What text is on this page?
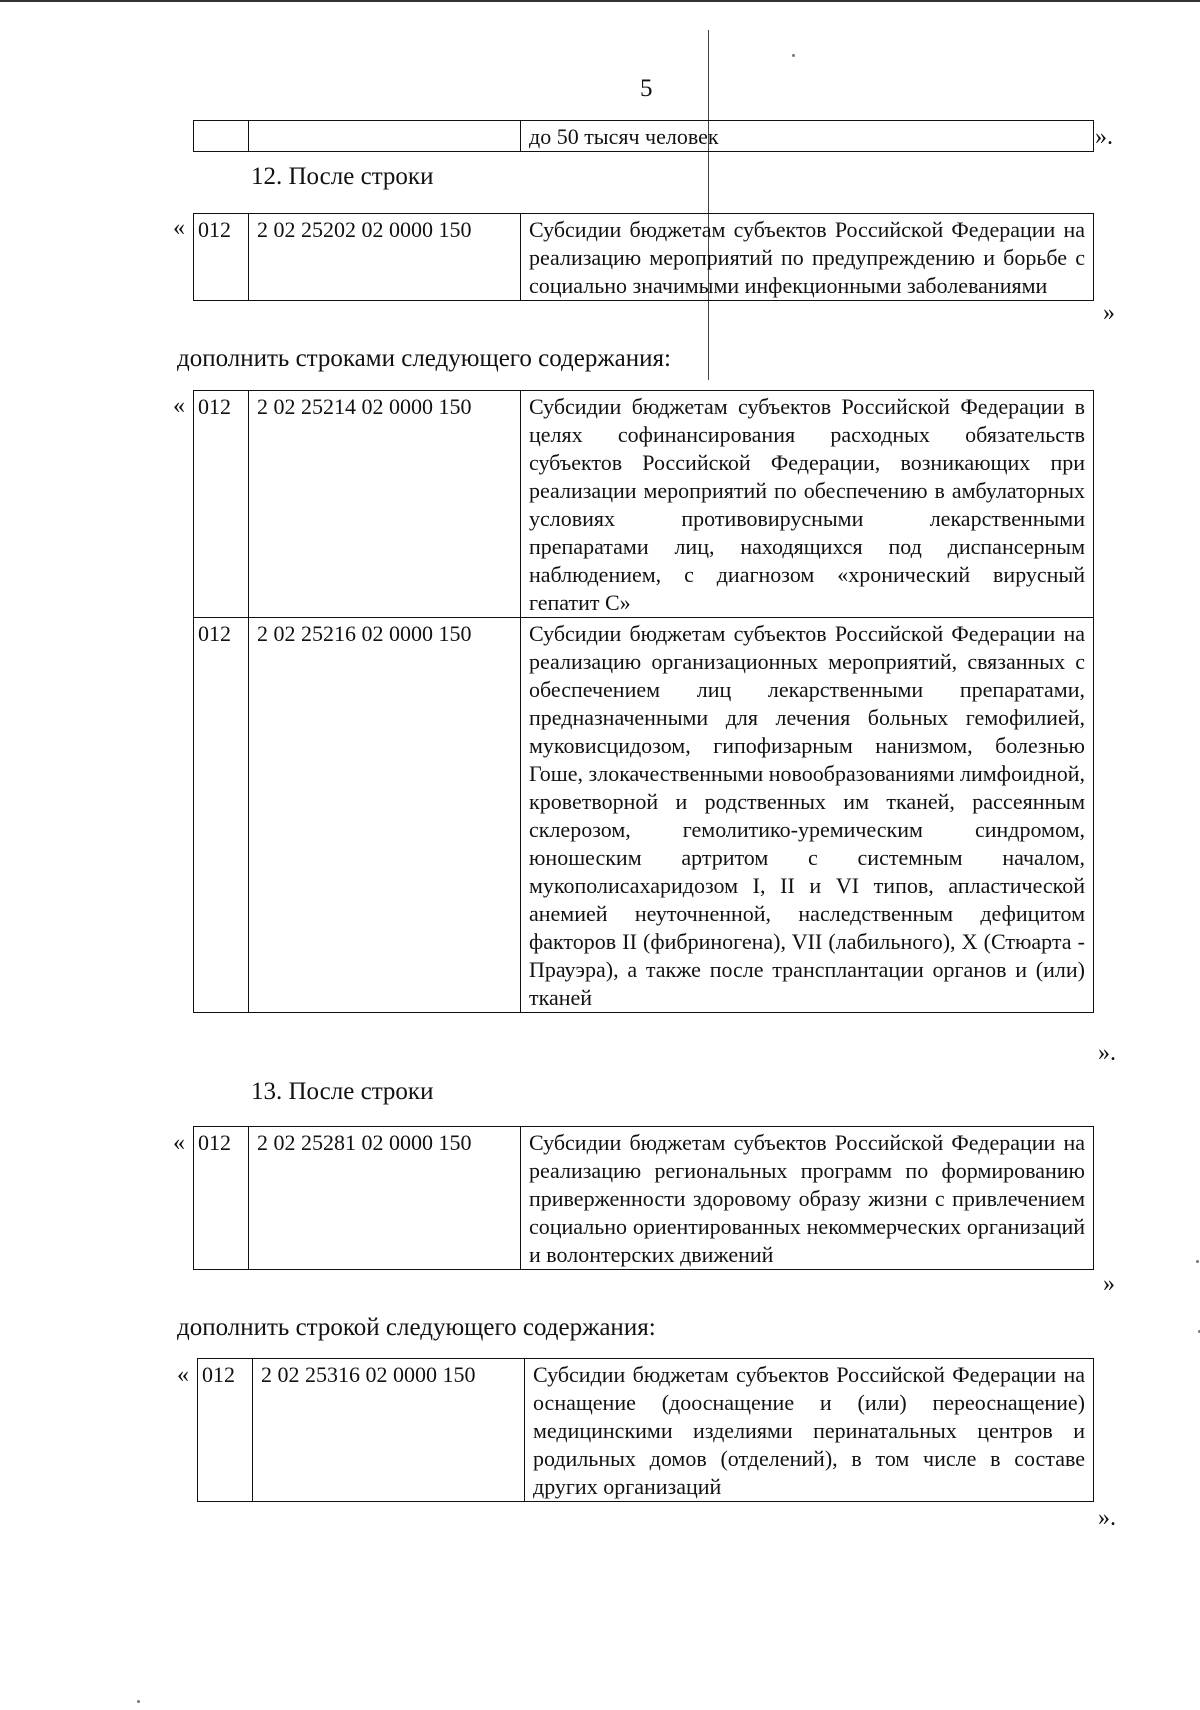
5
		до 50 тысяч человек	».
12. После строки
« 012	2 02 25202 02 0000 150	Субсидии бюджетам субъектов Российской Федерации на реализацию мероприятий по предупреждению и борьбе с социально значимыми инфекционными заболеваниями
»
дополнить строками следующего содержания:
« 012	2 02 25214 02 0000 150	Субсидии бюджетам субъектов Российской Федерации в целях софинансирования расходных обязательств субъектов Российской Федерации, возникающих при реализации мероприятий по обеспечению в амбулаторных условиях противовирусными лекарственными препаратами лиц, находящихся под диспансерным наблюдением, с диагнозом «хронический вирусный гепатит С»
012	2 02 25216 02 0000 150	Субсидии бюджетам субъектов Российской Федерации на реализацию организационных мероприятий, связанных с обеспечением лиц лекарственными препаратами, предназначенными для лечения больных гемофилией, муковисцидозом, гипофизарным нанизмом, болезнью Гоше, злокачественными новообразованиями лимфоидной, кроветворной и родственных им тканей, рассеянным склерозом, гемолитико-уремическим синдромом, юношеским артритом с системным началом, мукополисахаридозом I, II и VI типов, апластической анемией неуточненной, наследственным дефицитом факторов II (фибриногена), VII (лабильного), X (Стюарта - Прауэра), а также после трансплантации органов и (или) тканей
».
13. После строки
« 012	2 02 25281 02 0000 150	Субсидии бюджетам субъектов Российской Федерации на реализацию региональных программ по формированию приверженности здоровому образу жизни с привлечением социально ориентированных некоммерческих организаций и волонтерских движений
»
дополнить строкой следующего содержания:
« 012	2 02 25316 02 0000 150	Субсидии бюджетам субъектов Российской Федерации на оснащение (дооснащение и (или) переоснащение) медицинскими изделиями перинатальных центров и родильных домов (отделений), в том числе в составе других организаций
».
